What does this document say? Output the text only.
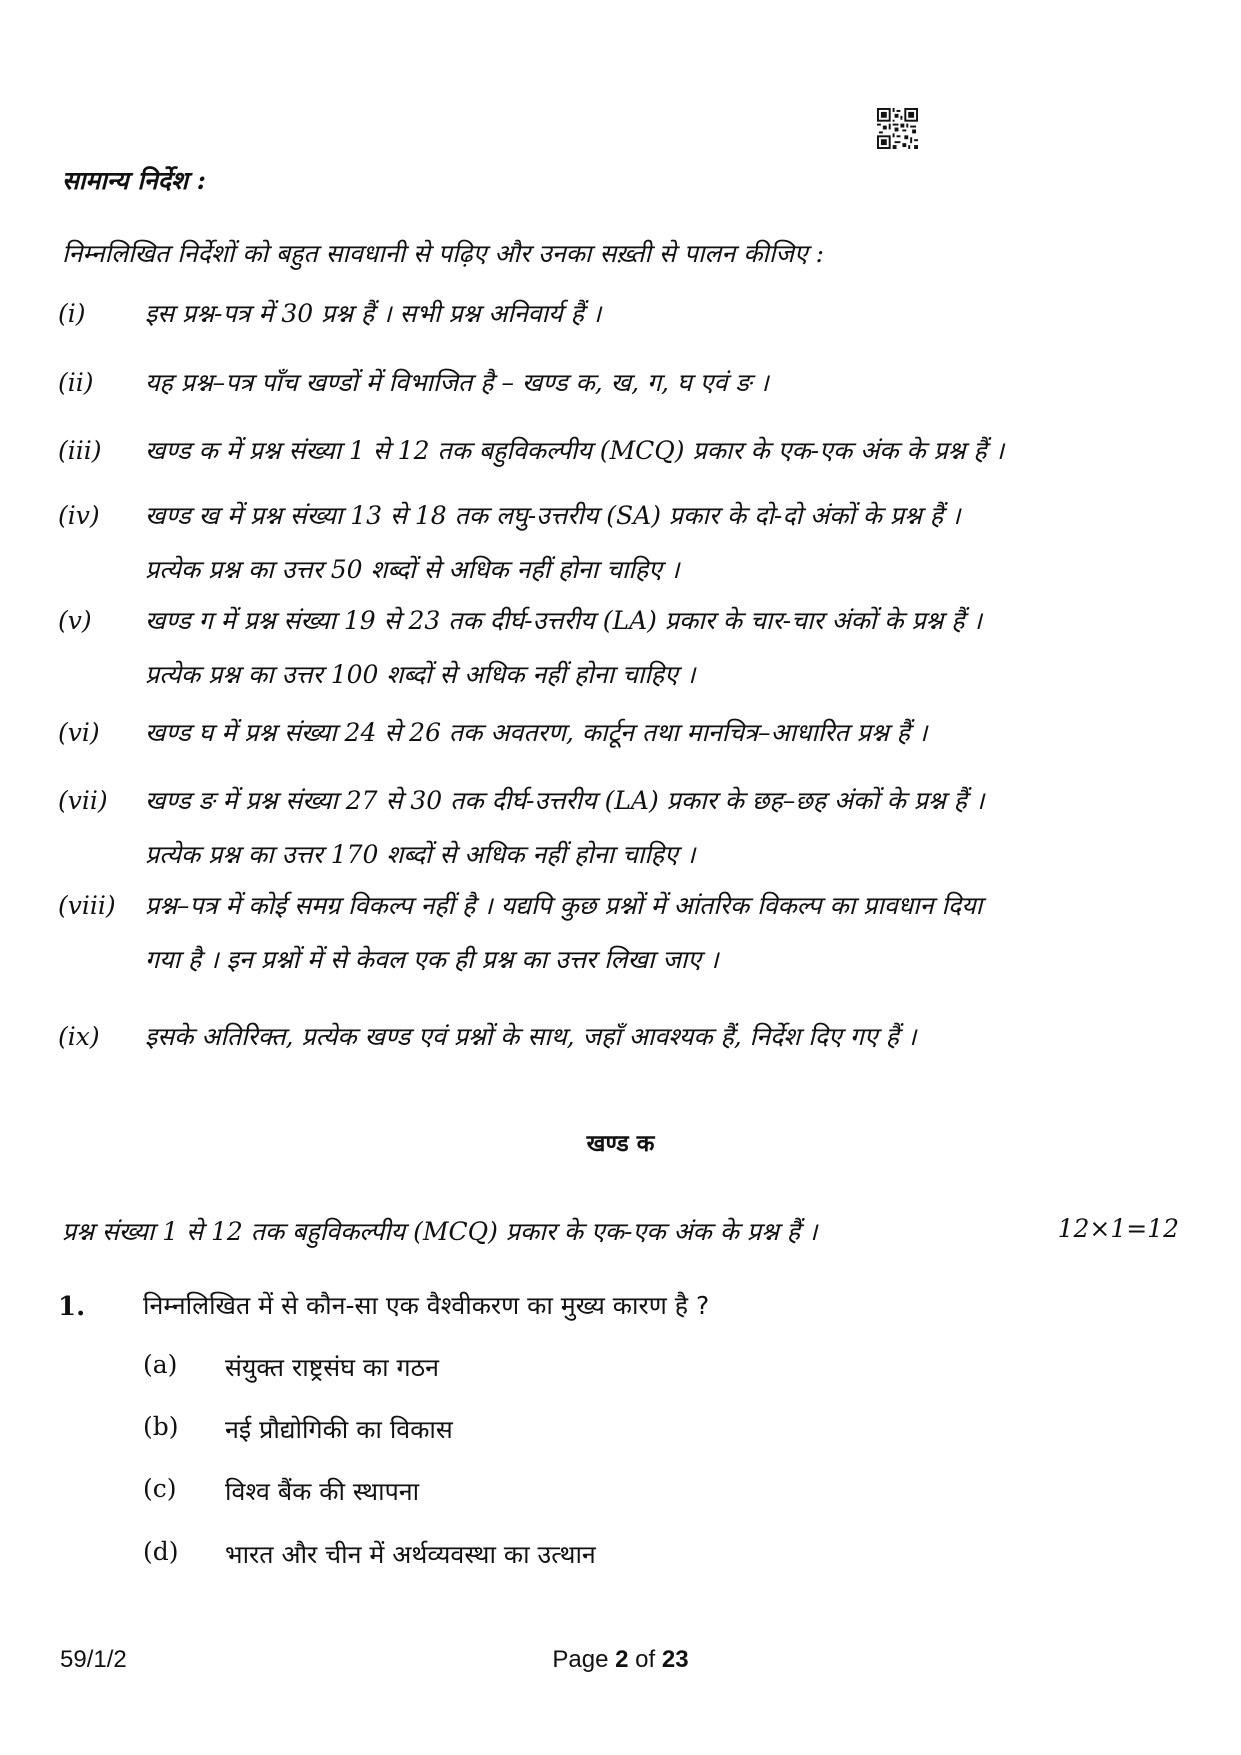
सामान्य निर्देश :
निम्नलिखित निर्देशों को बहुत सावधानी से पढ़िए और उनका सख़्ती से पालन कीजिए :
(i) इस प्रश्न-पत्र में 30 प्रश्न हैं । सभी प्रश्न अनिवार्य हैं ।
(ii) यह प्रश्न–पत्र पाँच खण्डों में विभाजित है – खण्ड क, ख, ग, घ एवं ङ ।
(iii) खण्ड क में प्रश्न संख्या 1 से 12 तक बहुविकल्पीय (MCQ) प्रकार के एक-एक अंक के प्रश्न हैं ।
(iv) खण्ड ख में प्रश्न संख्या 13 से 18 तक लघु-उत्तरीय (SA) प्रकार के दो-दो अंकों के प्रश्न हैं ।
प्रत्येक प्रश्न का उत्तर 50 शब्दों से अधिक नहीं होना चाहिए ।
(v) खण्ड ग में प्रश्न संख्या 19 से 23 तक दीर्घ-उत्तरीय (LA) प्रकार के चार-चार अंकों के प्रश्न हैं ।
प्रत्येक प्रश्न का उत्तर 100 शब्दों से अधिक नहीं होना चाहिए ।
(vi) खण्ड घ में प्रश्न संख्या 24 से 26 तक अवतरण, कार्टून तथा मानचित्र–आधारित प्रश्न हैं ।
(vii) खण्ड ङ में प्रश्न संख्या 27 से 30 तक दीर्घ-उत्तरीय (LA) प्रकार के छह–छह अंकों के प्रश्न हैं ।
प्रत्येक प्रश्न का उत्तर 170 शब्दों से अधिक नहीं होना चाहिए ।
(viii) प्रश्न–पत्र में कोई समग्र विकल्प नहीं है । यद्यपि कुछ प्रश्नों में आंतरिक विकल्प का प्रावधान दिया
गया है । इन प्रश्नों में से केवल एक ही प्रश्न का उत्तर लिखा जाए ।
(ix) इसके अतिरिक्त, प्रत्येक खण्ड एवं प्रश्नों के साथ, जहाँ आवश्यक हैं, निर्देश दिए गए हैं ।
खण्ड क
प्रश्न संख्या 1 से 12 तक बहुविकल्पीय (MCQ) प्रकार के एक-एक अंक के प्रश्न हैं ।	12×1=12
1. निम्नलिखित में से कौन-सा एक वैश्वीकरण का मुख्य कारण है ?
(a) संयुक्त राष्ट्रसंघ का गठन
(b) नई प्रौद्योगिकी का विकास
(c) विश्व बैंक की स्थापना
(d) भारत और चीन में अर्थव्यवस्था का उत्थान
59/1/2	Page 2 of 23
